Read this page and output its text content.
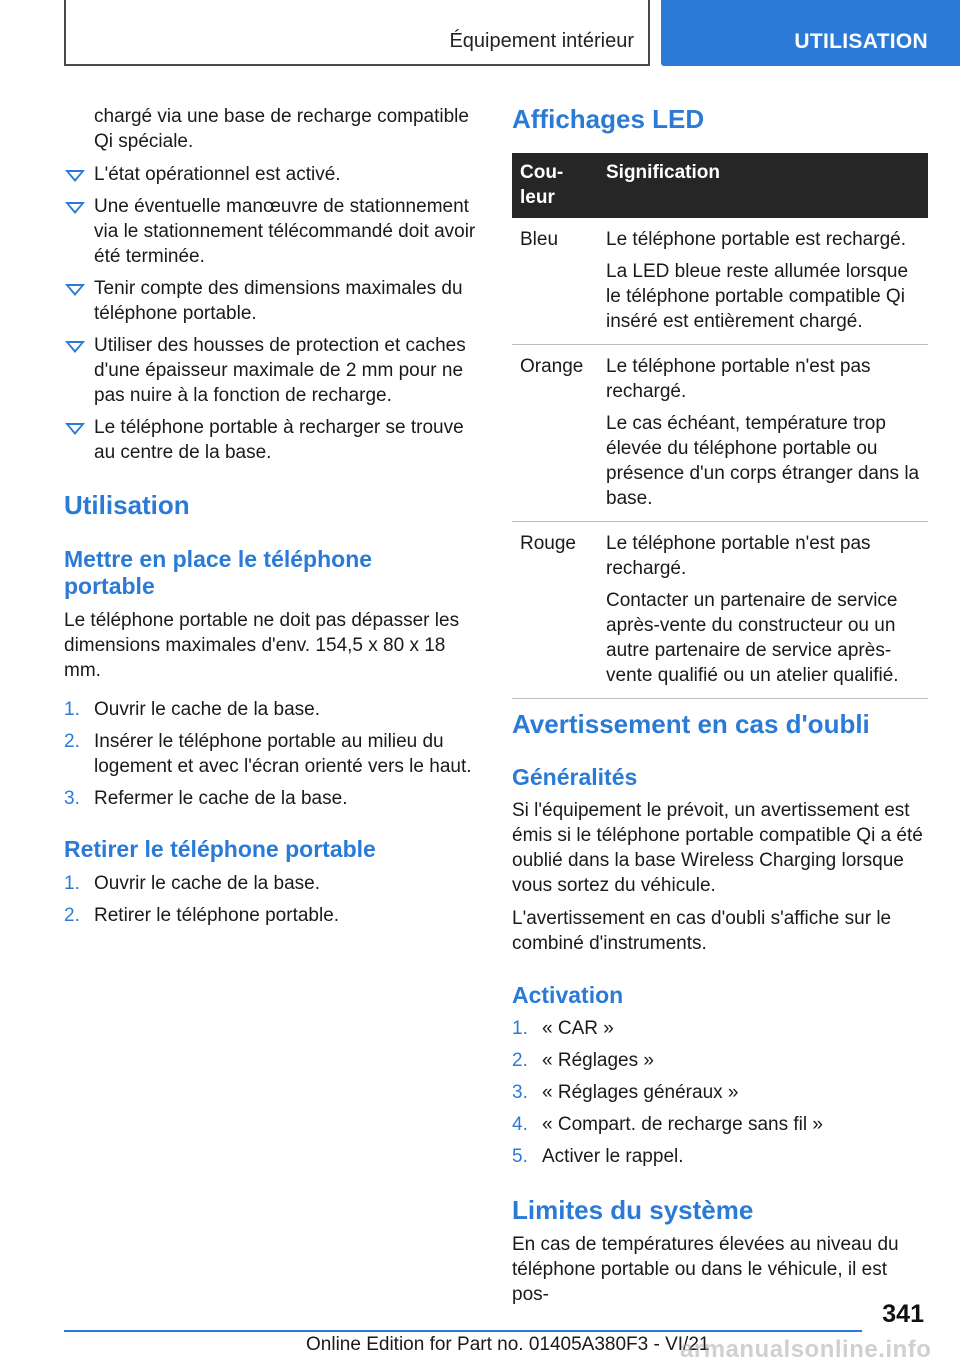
Équipement intérieur	UTILISATION

chargé via une base de recharge compatible Qi spéciale.

L'état opérationnel est activé.
Une éventuelle manœuvre de stationnement via le stationnement télécommandé doit avoir été terminée.
Tenir compte des dimensions maximales du téléphone portable.
Utiliser des housses de protection et caches d'une épaisseur maximale de 2 mm pour ne pas nuire à la fonction de recharge.
Le téléphone portable à recharger se trouve au centre de la base.
Utilisation
Mettre en place le téléphone portable

Le téléphone portable ne doit pas dépasser les dimensions maximales d'env. 154,5 x 80 x 18 mm.

1. Ouvrir le cache de la base.
2. Insérer le téléphone portable au milieu du logement et avec l'écran orienté vers le haut.
3. Refermer le cache de la base.
Retirer le téléphone portable
1. Ouvrir le cache de la base.
2. Retirer le téléphone portable.
Affichages LED
Cou-
leur	Signification
Bleu	Le téléphone portable est rechargé.

La LED bleue reste allumée lorsque le téléphone portable compatible Qi inséré est entièrement chargé.

Orange	Le téléphone portable n'est pas rechargé.

Le cas échéant, température trop élevée du téléphone portable ou présence d'un corps étranger dans la base.

Rouge	Le téléphone portable n'est pas rechargé.

Contacter un partenaire de service après-vente du constructeur ou un autre partenaire de service après-vente qualifié ou un atelier qualifié.

Avertissement en cas d'oubli
Généralités

Si l'équipement le prévoit, un avertissement est émis si le téléphone portable compatible Qi a été oublié dans la base Wireless Charging lorsque vous sortez du véhicule.

L'avertissement en cas d'oubli s'affiche sur le combiné d'instruments.

Activation
1. « CAR »
2. « Réglages »
3. « Réglages généraux »
4. « Compart. de recharge sans fil »
5. Activer le rappel.
Limites du système

En cas de températures élevées au niveau du téléphone portable ou dans le véhicule, il est pos-

341
Online Edition for Part no. 01405A380F3 - VI/21
armanualsonline.info
